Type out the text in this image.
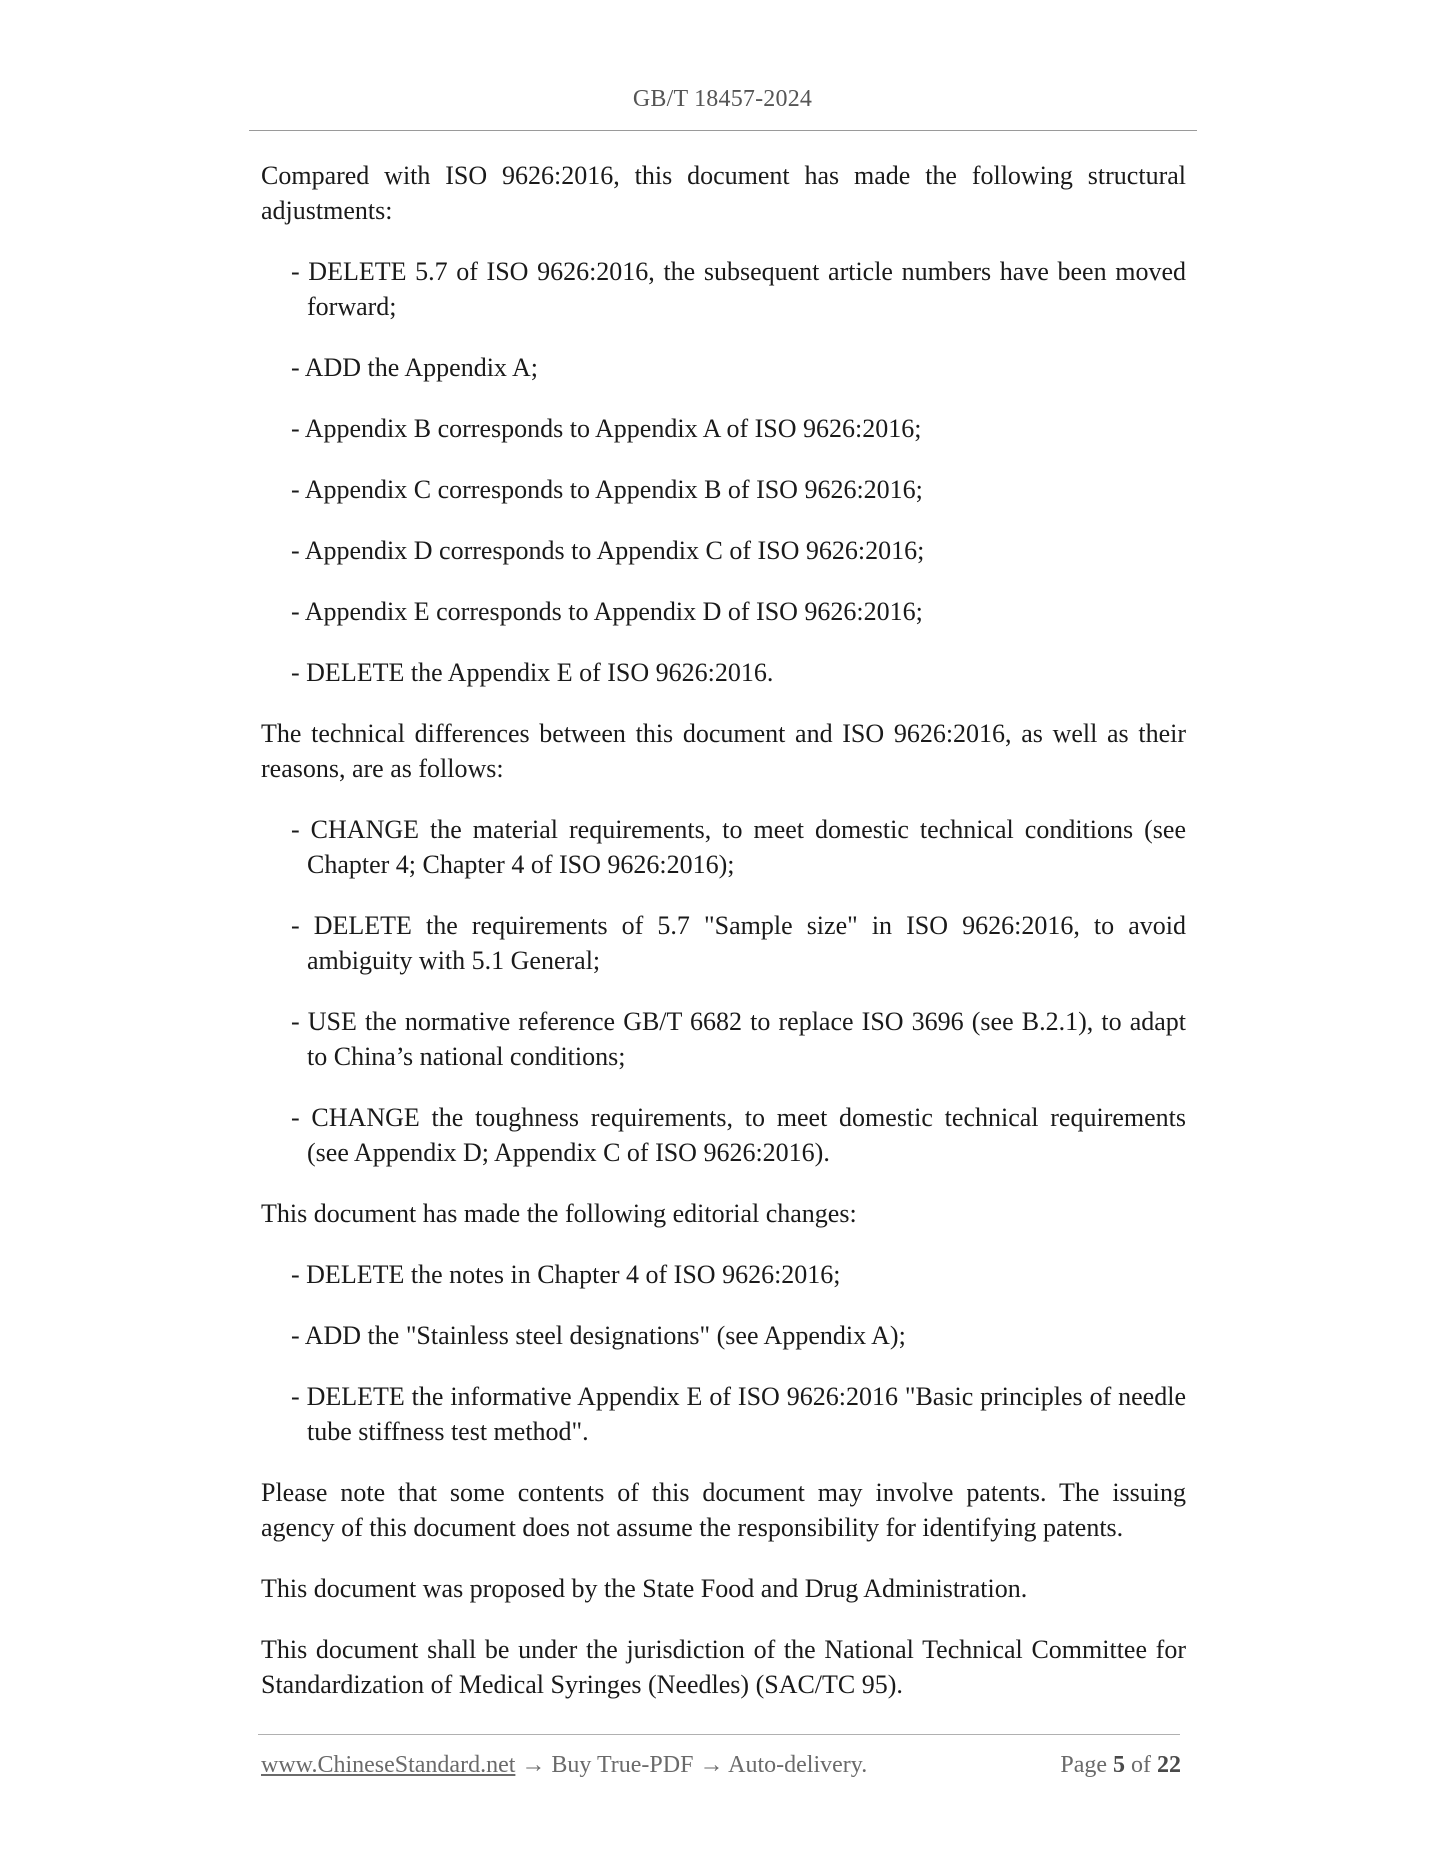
GB/T 18457-2024

Compared with ISO 9626:2016, this document has made the following structural adjustments:

- DELETE 5.7 of ISO 9626:2016, the subsequent article numbers have been moved forward;

- ADD the Appendix A;

- Appendix B corresponds to Appendix A of ISO 9626:2016;

- Appendix C corresponds to Appendix B of ISO 9626:2016;

- Appendix D corresponds to Appendix C of ISO 9626:2016;

- Appendix E corresponds to Appendix D of ISO 9626:2016;

- DELETE the Appendix E of ISO 9626:2016.

The technical differences between this document and ISO 9626:2016, as well as their reasons, are as follows:

- CHANGE the material requirements, to meet domestic technical conditions (see Chapter 4; Chapter 4 of ISO 9626:2016);

- DELETE the requirements of 5.7 "Sample size" in ISO 9626:2016, to avoid ambiguity with 5.1 General;

- USE the normative reference GB/T 6682 to replace ISO 3696 (see B.2.1), to adapt to China’s national conditions;

- CHANGE the toughness requirements, to meet domestic technical requirements (see Appendix D; Appendix C of ISO 9626:2016).

This document has made the following editorial changes:

- DELETE the notes in Chapter 4 of ISO 9626:2016;

- ADD the "Stainless steel designations" (see Appendix A);

- DELETE the informative Appendix E of ISO 9626:2016 "Basic principles of needle tube stiffness test method".

Please note that some contents of this document may involve patents. The issuing agency of this document does not assume the responsibility for identifying patents.

This document was proposed by the State Food and Drug Administration.

This document shall be under the jurisdiction of the National Technical Committee for Standardization of Medical Syringes (Needles) (SAC/TC 95).

www.ChineseStandard.net → Buy True-PDF → Auto-delivery.	Page 5 of 22
